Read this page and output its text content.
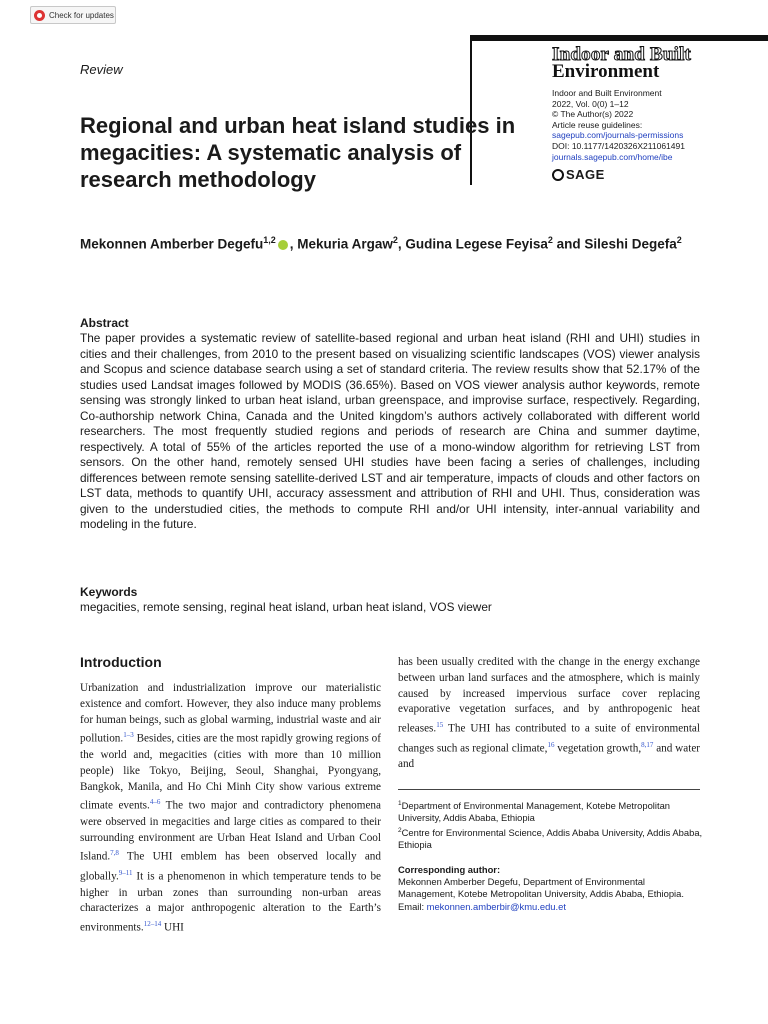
Check for updates
Review
Indoor and Built
Environment
Indoor and Built Environment
2022, Vol. 0(0) 1–12
© The Author(s) 2022
Article reuse guidelines:
sagepub.com/journals-permissions
DOI: 10.1177/1420326X211061491
journals.sagepub.com/home/ibe
SAGE
Regional and urban heat island studies in megacities: A systematic analysis of research methodology
Mekonnen Amberber Degefu$^{1,2}$ , Mekuria Argaw$^2$, Gudina Legese Feyisa$^2$ and Sileshi Degefa$^2$
Abstract

The paper provides a systematic review of satellite-based regional and urban heat island (RHI and UHI) studies in cities and their challenges, from 2010 to the present based on visualizing scientific landscapes (VOS) viewer analysis and Scopus and science database search using a set of standard criteria. The review results show that 52.17% of the studies used Landsat images followed by MODIS (36.65%). Based on VOS viewer analysis author keywords, remote sensing was strongly linked to urban heat island, urban greenspace, and improvise surface, respectively. Regarding, Co-authorship network China, Canada and the United kingdom’s authors actively collaborated with different world researchers. The most frequently studied regions and periods of research are China and summer daytime, respectively. A total of 55% of the articles reported the use of a mono-window algorithm for retrieving LST from sensors. On the other hand, remotely sensed UHI studies have been facing a series of challenges, including differences between remote sensing satellite-derived LST and air temperature, impacts of clouds and other factors on LST data, methods to quantify UHI, accuracy assessment and attribution of RHI and UHI. Thus, consideration was given to the understudied cities, the methods to compute RHI and/or UHI intensity, inter-annual variability and modeling in the future.

Keywords
megacities, remote sensing, reginal heat island, urban heat island, VOS viewer
Introduction

Urbanization and industrialization improve our materialistic existence and comfort. However, they also induce many problems for human beings, such as global warming, industrial waste and air pollution.$^{1-3}$ Besides, cities are the most rapidly growing regions of the world and, megacities (cities with more than 10 million people) like Tokyo, Beijing, Seoul, Shanghai, Pyongyang, Bangkok, Manila, and Ho Chi Minh City show various extreme climate events.$^{4-6}$ The two major and contradictory phenomena were observed in megacities and large cities as compared to their surrounding environment are Urban Heat Island and Urban Cool Island.$^{7,8}$ The UHI emblem has been observed locally and globally.$^{9-11}$ It is a phenomenon in which temperature tends to be higher in urban zones than surrounding non-urban areas characterizes a major anthropogenic alteration to the Earth’s environments.$^{12-14}$ UHI

has been usually credited with the change in the energy exchange between urban land surfaces and the atmosphere, which is mainly caused by increased impervious surface cover replacing evaporative vegetation surfaces, and by anthropogenic heat releases.$^{15}$ The UHI has contributed to a suite of environmental changes such as regional climate,$^{16}$ vegetation growth,$^{8,17}$ and water and

$^1$Department of Environmental Management, Kotebe Metropolitan University, Addis Ababa, Ethiopia
$^2$Centre for Environmental Science, Addis Ababa University, Addis Ababa, Ethiopia
Corresponding author:
Mekonnen Amberber Degefu, Department of Environmental Management, Kotebe Metropolitan University, Addis Ababa, Ethiopia.
Email: mekonnen.amberbir@kmu.edu.et
